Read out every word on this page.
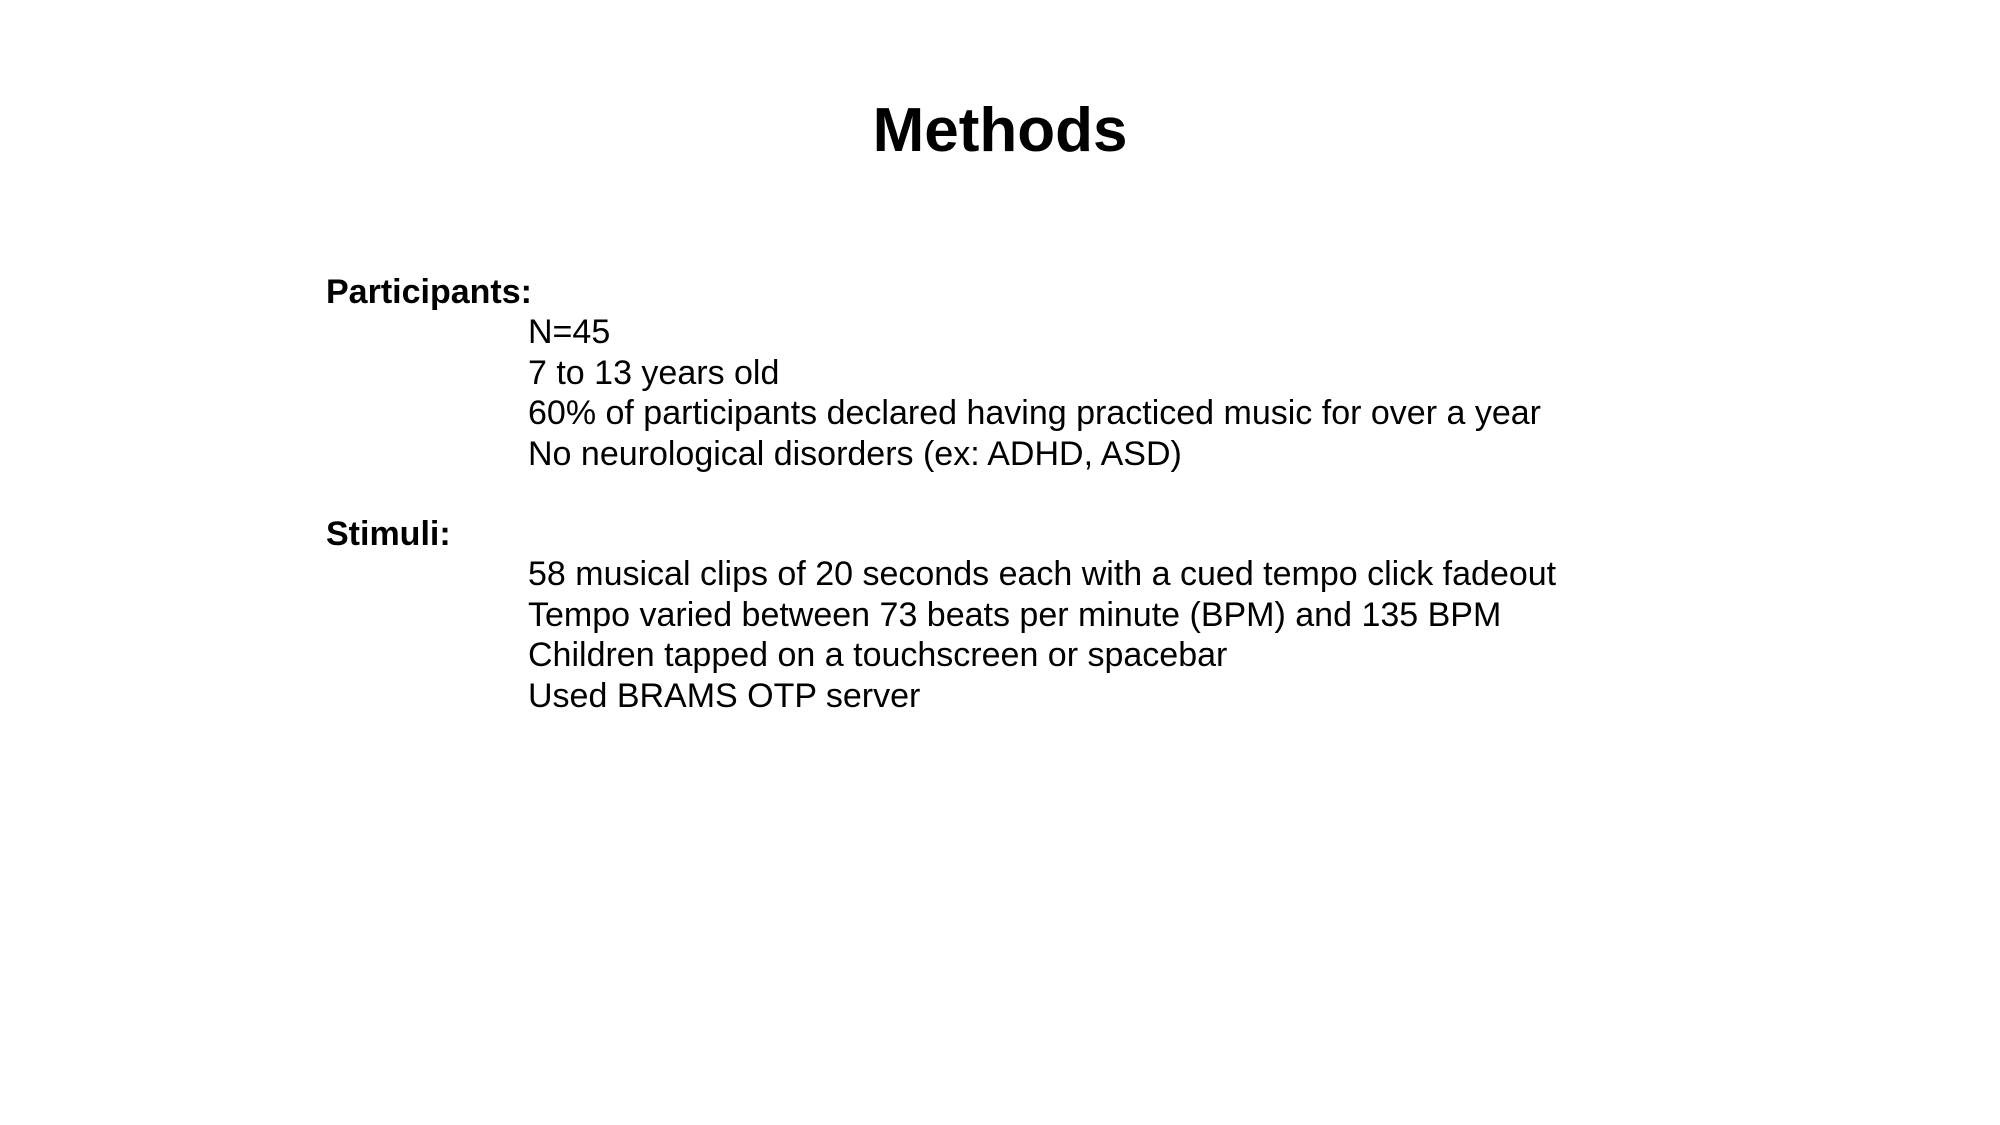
Methods

Participants:

N=45
7 to 13 years old
60% of participants declared having practiced music for over a year
No neurological disorders (ex: ADHD, ASD)

Stimuli:

58 musical clips of 20 seconds each with a cued tempo click fadeout
Tempo varied between 73 beats per minute (BPM) and 135 BPM
Children tapped on a touchscreen or spacebar
Used BRAMS OTP server
